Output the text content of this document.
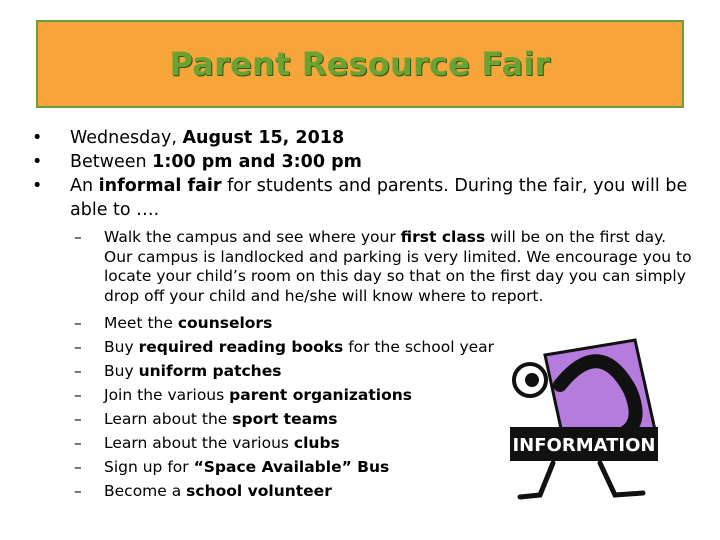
Parent Resource Fair
• Wednesday, August 15, 2018
• Between 1:00 pm and 3:00 pm
• An informal fair for students and parents. During the fair, you will be able to ….
– Walk the campus and see where your first class will be on the first day. Our campus is landlocked and parking is very limited. We encourage you to locate your child’s room on this day so that on the first day you can simply drop off your child and he/she will know where to report.
– Meet the counselors
– Buy required reading books for the school year
– Buy uniform patches
– Join the various parent organizations
– Learn about the sport teams
– Learn about the various clubs
– Sign up for “Space Available” Bus
– Become a school volunteer
INFORMATION
